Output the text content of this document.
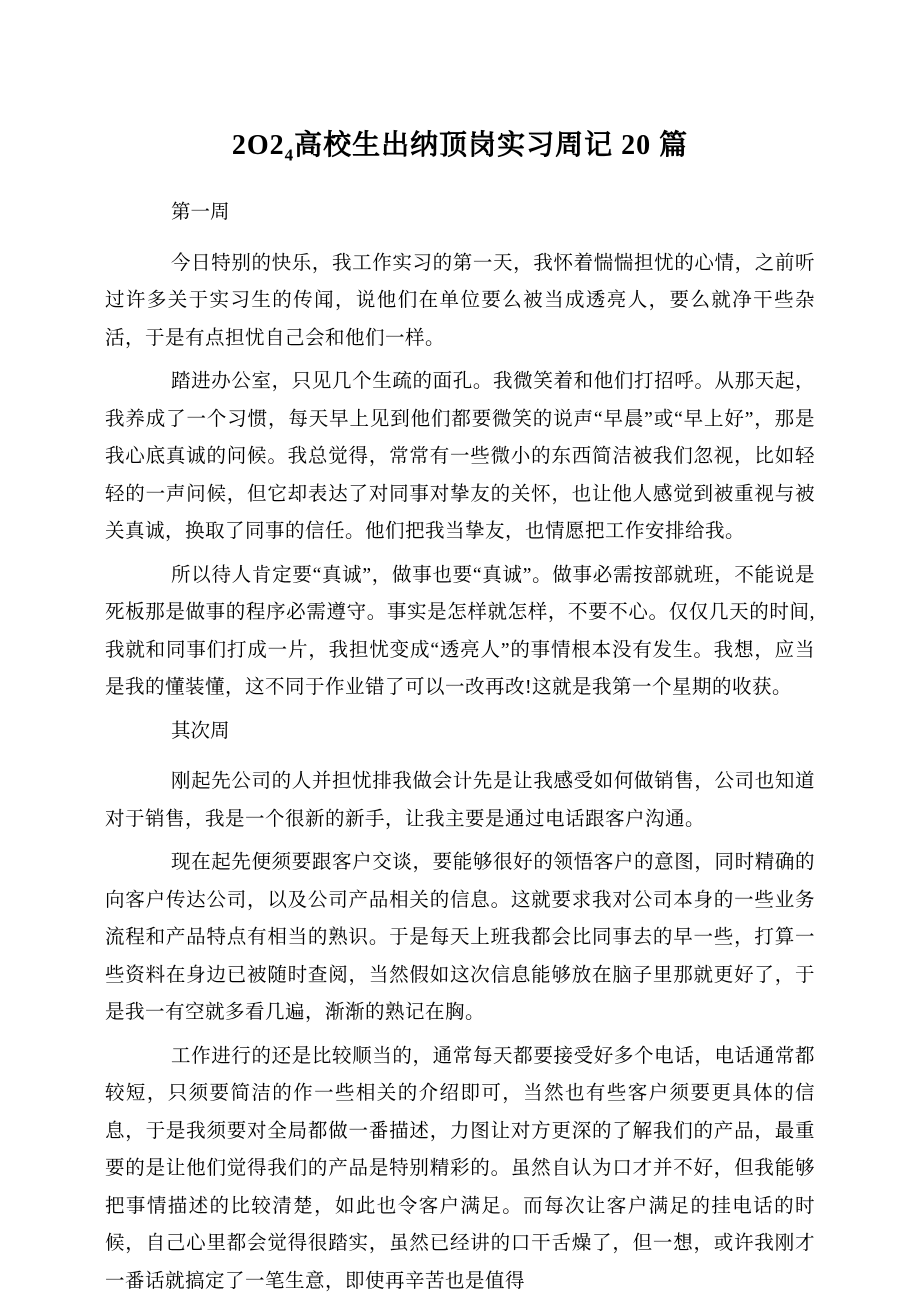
$2O2_4$高校生出纳顶岗实习周记 20 篇
第一周

今日特别的快乐，我工作实习的第一天，我怀着惴惴担忧的心情，之前听过许多关于实习生的传闻，说他们在单位要么被当成透亮人，要么就净干些杂活，于是有点担忧自己会和他们一样。

踏进办公室，只见几个生疏的面孔。我微笑着和他们打招呼。从那天起，我养成了一个习惯，每天早上见到他们都要微笑的说声“早晨”或“早上好”，那是我心底真诚的问候。我总觉得，常常有一些微小的东西简洁被我们忽视，比如轻轻的一声问候，但它却表达了对同事对挚友的关怀，也让他人感觉到被重视与被关真诚，换取了同事的信任。他们把我当挚友，也情愿把工作安排给我。

所以待人肯定要“真诚”，做事也要“真诚”。做事必需按部就班，不能说是死板那是做事的程序必需遵守。事实是怎样就怎样，不要不心。仅仅几天的时间,我就和同事们打成一片，我担忧变成“透亮人”的事情根本没有发生。我想，应当是我的懂装懂，这不同于作业错了可以一改再改!这就是我第一个星期的收获。

其次周

刚起先公司的人并担忧排我做会计先是让我感受如何做销售，公司也知道对于销售，我是一个很新的新手，让我主要是通过电话跟客户沟通。

现在起先便须要跟客户交谈，要能够很好的领悟客户的意图，同时精确的向客户传达公司，以及公司产品相关的信息。这就要求我对公司本身的一些业务流程和产品特点有相当的熟识。于是每天上班我都会比同事去的早一些，打算一些资料在身边已被随时查阅，当然假如这次信息能够放在脑子里那就更好了，于是我一有空就多看几遍，渐渐的熟记在胸。

工作进行的还是比较顺当的，通常每天都要接受好多个电话，电话通常都较短，只须要简洁的作一些相关的介绍即可，当然也有些客户须要更具体的信息，于是我须要对全局都做一番描述，力图让对方更深的了解我们的产品，最重要的是让他们觉得我们的产品是特别精彩的。虽然自认为口才并不好，但我能够把事情描述的比较清楚，如此也令客户满足。而每次让客户满足的挂电话的时候，自己心里都会觉得很踏实，虽然已经讲的口干舌燥了，但一想，或许我刚才一番话就搞定了一笔生意，即使再辛苦也是值得
